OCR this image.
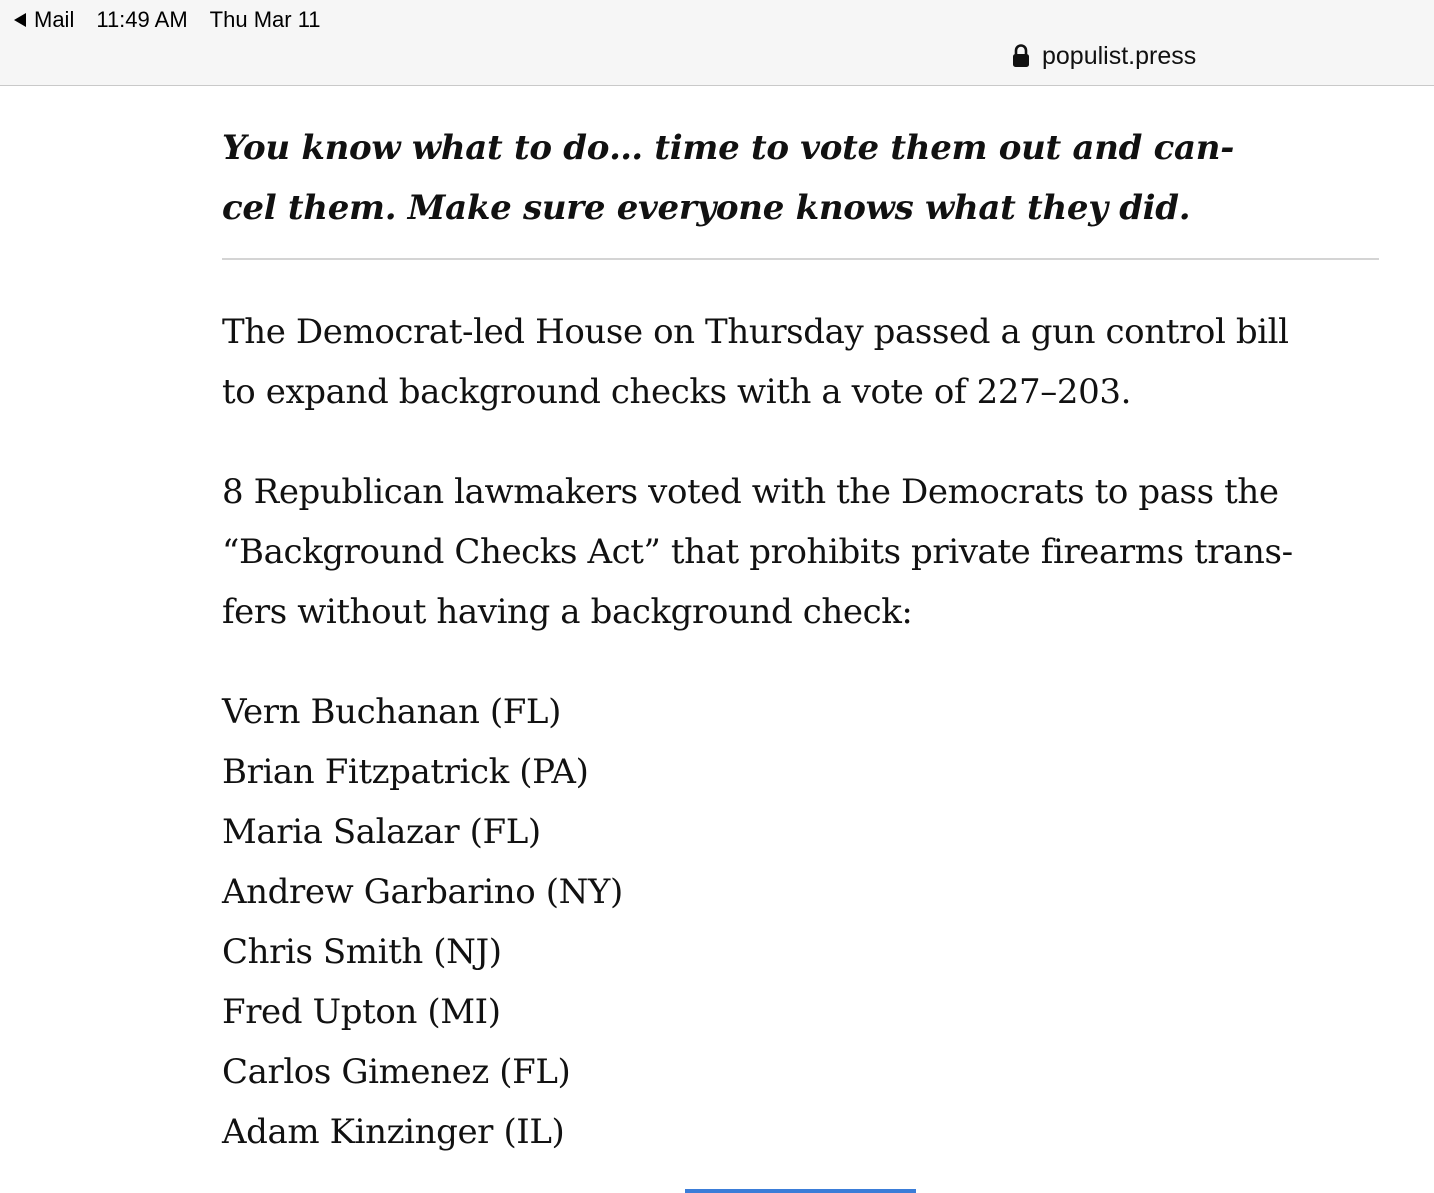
Mail 11:49 AM Thu Mar 11
populist.press
You know what to do… time to vote them out and can-
cel them. Make sure everyone knows what they did.
The Democrat-led House on Thursday passed a gun control bill
to expand background checks with a vote of 227–203.
8 Republican lawmakers voted with the Democrats to pass the
“Background Checks Act” that prohibits private firearms trans-
fers without having a background check:
Vern Buchanan (FL)
Brian Fitzpatrick (PA)
Maria Salazar (FL)
Andrew Garbarino (NY)
Chris Smith (NJ)
Fred Upton (MI)
Carlos Gimenez (FL)
Adam Kinzinger (IL)
